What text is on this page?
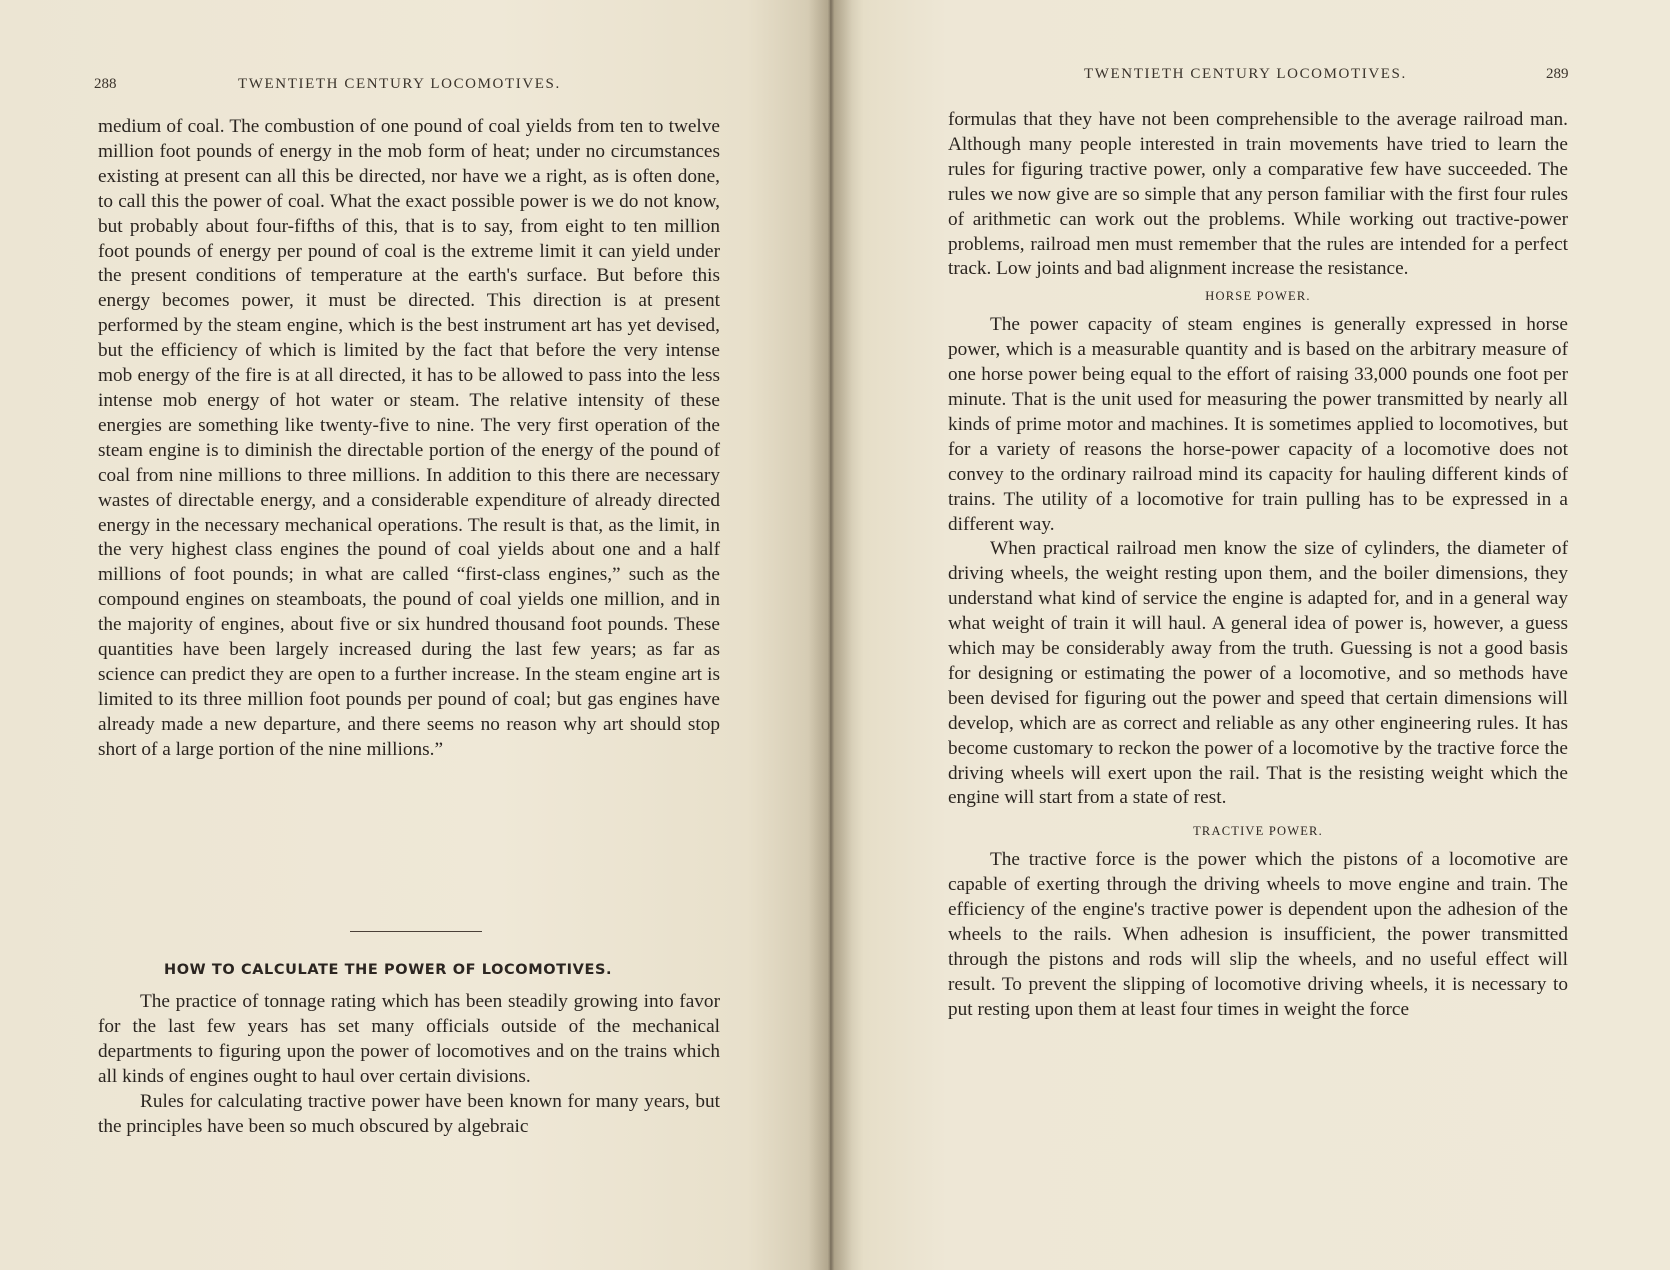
288	TWENTIETH CENTURY LOCOMOTIVES.

medium of coal. The combustion of one pound of coal yields from ten to twelve million foot pounds of energy in the mob form of heat; under no circumstances existing at present can all this be directed, nor have we a right, as is often done, to call this the power of coal. What the exact possible power is we do not know, but probably about four-fifths of this, that is to say, from eight to ten million foot pounds of energy per pound of coal is the extreme limit it can yield under the present conditions of temperature at the earth's surface. But before this energy becomes power, it must be directed. This direction is at present performed by the steam engine, which is the best instrument art has yet devised, but the efficiency of which is limited by the fact that before the very intense mob energy of the fire is at all directed, it has to be allowed to pass into the less intense mob energy of hot water or steam. The relative intensity of these energies are something like twenty-five to nine. The very first operation of the steam engine is to diminish the directable portion of the energy of the pound of coal from nine millions to three millions. In addition to this there are necessary wastes of directable energy, and a considerable expenditure of already directed energy in the necessary mechanical operations. The result is that, as the limit, in the very highest class engines the pound of coal yields about one and a half millions of foot pounds; in what are called “first-class engines,” such as the compound engines on steamboats, the pound of coal yields one million, and in the majority of engines, about five or six hundred thousand foot pounds. These quantities have been largely increased during the last few years; as far as science can predict they are open to a further increase. In the steam engine art is limited to its three million foot pounds per pound of coal; but gas engines have already made a new departure, and there seems no reason why art should stop short of a large portion of the nine millions.”

HOW TO CALCULATE THE POWER OF LOCOMOTIVES.

The practice of tonnage rating which has been steadily growing into favor for the last few years has set many officials outside of the mechanical departments to figuring upon the power of locomotives and on the trains which all kinds of engines ought to haul over certain divisions.

Rules for calculating tractive power have been known for many years, but the principles have been so much obscured by algebraic

TWENTIETH CENTURY LOCOMOTIVES.	289

formulas that they have not been comprehensible to the average railroad man. Although many people interested in train movements have tried to learn the rules for figuring tractive power, only a comparative few have succeeded. The rules we now give are so simple that any person familiar with the first four rules of arithmetic can work out the problems. While working out tractive-power problems, railroad men must remember that the rules are intended for a perfect track. Low joints and bad alignment increase the resistance.

HORSE POWER.

The power capacity of steam engines is generally expressed in horse power, which is a measurable quantity and is based on the arbitrary measure of one horse power being equal to the effort of raising 33,000 pounds one foot per minute. That is the unit used for measuring the power transmitted by nearly all kinds of prime motor and machines. It is sometimes applied to locomotives, but for a variety of reasons the horse-power capacity of a locomotive does not convey to the ordinary railroad mind its capacity for hauling different kinds of trains. The utility of a locomotive for train pulling has to be expressed in a different way.

When practical railroad men know the size of cylinders, the diameter of driving wheels, the weight resting upon them, and the boiler dimensions, they understand what kind of service the engine is adapted for, and in a general way what weight of train it will haul. A general idea of power is, however, a guess which may be considerably away from the truth. Guessing is not a good basis for designing or estimating the power of a locomotive, and so methods have been devised for figuring out the power and speed that certain dimensions will develop, which are as correct and reliable as any other engineering rules. It has become customary to reckon the power of a locomotive by the tractive force the driving wheels will exert upon the rail. That is the resisting weight which the engine will start from a state of rest.

TRACTIVE POWER.

The tractive force is the power which the pistons of a locomotive are capable of exerting through the driving wheels to move engine and train. The efficiency of the engine's tractive power is dependent upon the adhesion of the wheels to the rails. When adhesion is insufficient, the power transmitted through the pistons and rods will slip the wheels, and no useful effect will result. To prevent the slipping of locomotive driving wheels, it is necessary to put resting upon them at least four times in weight the force
